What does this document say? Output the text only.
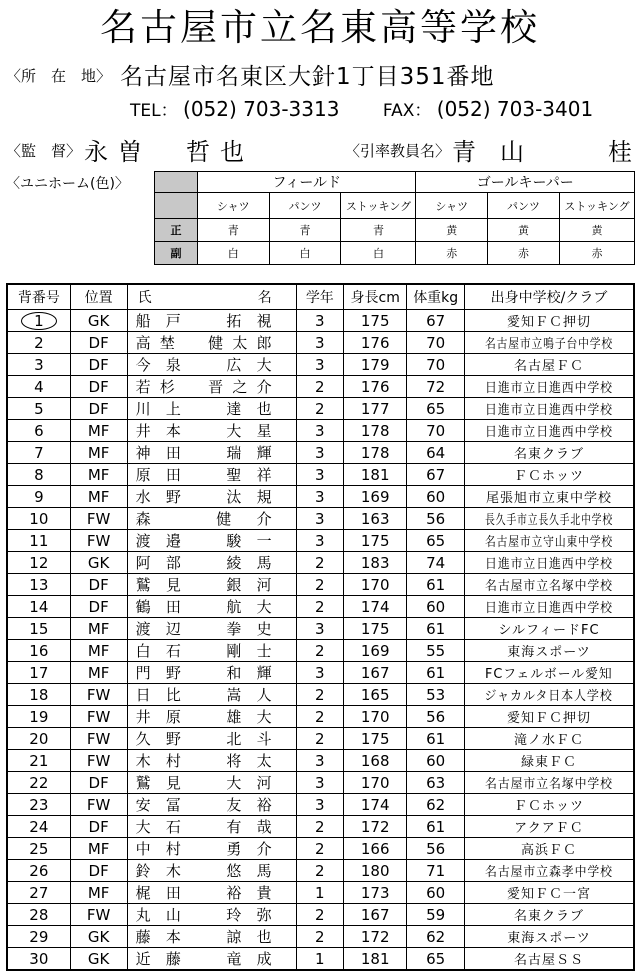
名古屋市立名東高等学校
〈所　在　地〉 名古屋市名東区大針1丁目351番地
TEL： (052) 703-3313	FAX： (052) 703-3401
〈監　督〉 永曽　哲也	〈引率教員名〉 青　山	桂
〈ユニホーム(色)〉
		フィールド			ゴールキーパー		
	シャツ	パンツ	ストッキング	シャツ	パンツ	ストッキング
正	青	青	青	黄	黄	黄
副	白	白	白	赤	赤	赤
背番号	位置	氏 名	学年	身長cm	体重kg	出身中学校/クラブ
1	GK	船戸　拓視	3	175	67	愛知ＦＣ押切
2	DF	高埜　健太郎	3	176	70	名古屋市立鳴子台中学校
3	DF	今泉　広大	3	179	70	名古屋ＦＣ
4	DF	若杉　晋之介	2	176	72	日進市立日進西中学校
5	DF	川上　達也	2	177	65	日進市立日進西中学校
6	MF	井本　大星	3	178	70	日進市立日進西中学校
7	MF	神田　瑞輝	3	178	64	名東クラブ
8	MF	原田　聖祥	3	181	67	ＦＣホッツ
9	MF	水野　汰規	3	169	60	尾張旭市立東中学校
10	FW	森　健介	3	163	56	長久手市立長久手北中学校
11	FW	渡邉　駿一	3	175	65	名古屋市立守山東中学校
12	GK	阿部　綾馬	2	183	74	日進市立日進西中学校
13	DF	鷲見　銀河	2	170	61	名古屋市立名塚中学校
14	DF	鶴田　航大	2	174	60	日進市立日進西中学校
15	MF	渡辺　拳史	3	175	61	シルフィードFC
16	MF	白石　剛士	2	169	55	東海スポーツ
17	MF	門野　和輝	3	167	61	FCフェルボール愛知
18	FW	日比　嵩人	2	165	53	ジャカルタ日本人学校
19	FW	井原　雄大	2	170	56	愛知ＦＣ押切
20	FW	久野　北斗	2	175	61	滝ノ水ＦＣ
21	FW	木村　将太	3	168	60	緑東ＦＣ
22	DF	鷲見　大河	3	170	63	名古屋市立名塚中学校
23	FW	安冨　友裕	3	174	62	ＦＣホッツ
24	DF	大石　有哉	2	172	61	アクアＦＣ
25	MF	中村　勇介	2	166	56	高浜ＦＣ
26	DF	鈴木　悠馬	2	180	71	名古屋市立森孝中学校
27	MF	梶田　裕貴	1	173	60	愛知ＦＣ一宮
28	FW	丸山　玲弥	2	167	59	名東クラブ
29	GK	藤本　諒也	2	172	62	東海スポーツ
30	GK	近藤　竜成	1	181	65	名古屋ＳＳ
